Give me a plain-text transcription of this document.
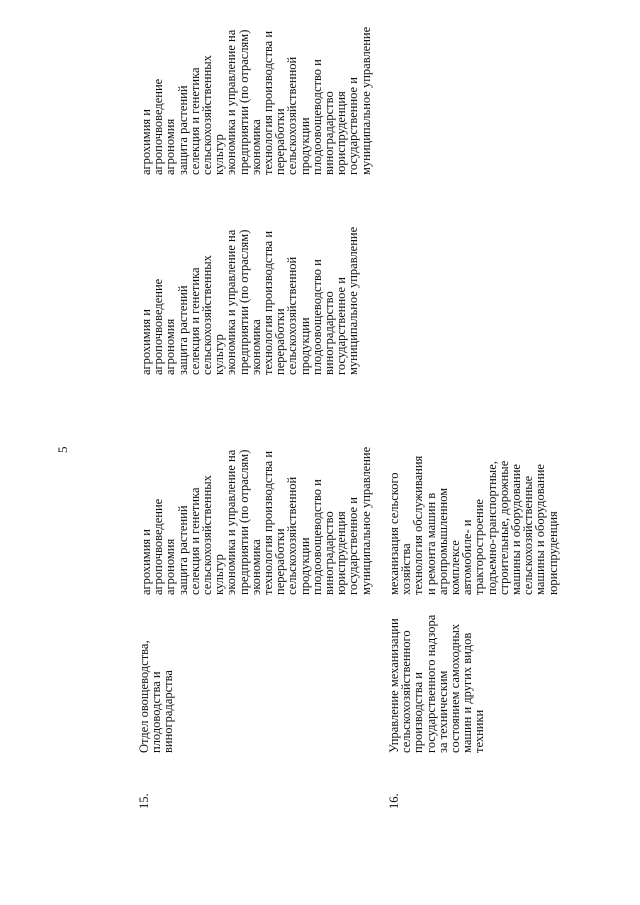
5
15.
Отдел овощеводства,
плодоводства и
виноградарства
агрохимия и
агропочвоведение
агрономия
защита растений
селекция и генетика
сельскохозяйственных
культур
экономика и управление на
предприятии (по отраслям)
экономика
технология производства и
переработки
сельскохозяйственной
продукции
плодоовощеводство и
виноградарство
юриспруденция
государственное и
муниципальное управление
агрохимия и
агропочвоведение
агрономия
защита растений
селекция и генетика
сельскохозяйственных
культур
экономика и управление на
предприятии (по отраслям)
экономика
технология производства и
переработки
сельскохозяйственной
продукции
плодоовощеводство и
виноградарство
государственное и
муниципальное управление
агрохимия и
агропочвоведение
агрономия
защита растений
селекция и генетика
сельскохозяйственных
культур
экономика и управление на
предприятии (по отраслям)
экономика
технология производства и
переработки
сельскохозяйственной
продукции
плодоовощеводство и
виноградарство
юриспруденция
государственное и
муниципальное управление
16.
Управление механизации
сельскохозяйственного
производства и
государственного надзора
за техническим
состоянием самоходных
машин и других видов
техники
механизация сельского
хозяйства
технология обслуживания
и ремонта машин в
агропромышленном
комплексе
автомобиле- и
тракторостроение
подъемно-транспортные,
строительные, дорожные
машины и оборудование
сельскохозяйственные
машины и оборудование
юриспруденция
